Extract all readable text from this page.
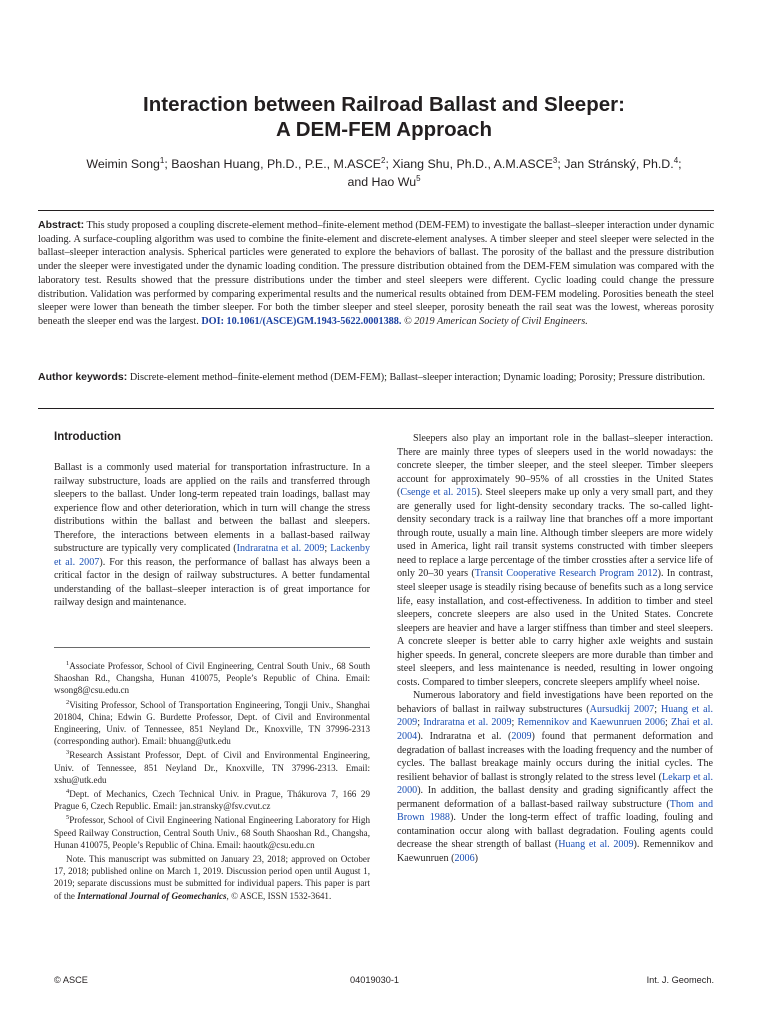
Interaction between Railroad Ballast and Sleeper:
A DEM-FEM Approach
Weimin Song$^1$; Baoshan Huang, Ph.D., P.E., M.ASCE$^2$; Xiang Shu, Ph.D., A.M.ASCE$^3$; Jan Stránský, Ph.D.$^4$;
and Hao Wu$^5$
Abstract: This study proposed a coupling discrete-element method–finite-element method (DEM-FEM) to investigate the ballast–sleeper interaction under dynamic loading. A surface-coupling algorithm was used to combine the finite-element and discrete-element analyses. A timber sleeper and steel sleeper were selected in the ballast–sleeper interaction analysis. Spherical particles were generated to explore the behaviors of ballast. The porosity of the ballast and the pressure distribution under the sleeper were investigated under the dynamic loading condition. The pressure distribution obtained from the DEM-FEM simulation was compared with the laboratory test. Results showed that the pressure distributions under the timber and steel sleepers were different. Cyclic loading could change the pressure distribution. Validation was performed by comparing experimental results and the numerical results obtained from DEM-FEM modeling. Porosities beneath the steel sleeper were lower than beneath the timber sleeper. For both the timber sleeper and steel sleeper, porosity beneath the rail seat was the lowest, whereas porosity beneath the sleeper end was the largest. DOI: 10.1061/(ASCE)GM.1943-5622.0001388. © 2019 American Society of Civil Engineers.
Author keywords: Discrete-element method–finite-element method (DEM-FEM); Ballast–sleeper interaction; Dynamic loading; Porosity; Pressure distribution.
Introduction

Ballast is a commonly used material for transportation infrastructure. In a railway substructure, loads are applied on the rails and transferred through sleepers to the ballast. Under long-term repeated train loadings, ballast may experience flow and other deterioration, which in turn will change the stress distributions within the ballast and between the ballast and sleepers. Therefore, the interactions between elements in a ballast-based railway substructure are typically very complicated (Indraratna et al. 2009; Lackenby et al. 2007). For this reason, the performance of ballast has always been a critical factor in the design of railway substructures. A better fundamental understanding of the ballast–sleeper interaction is of great importance for railway design and maintenance.

$^1$Associate Professor, School of Civil Engineering, Central South Univ., 68 South Shaoshan Rd., Changsha, Hunan 410075, People’s Republic of China. Email: wsong8@csu.edu.cn

$^2$Visiting Professor, School of Transportation Engineering, Tongji Univ., Shanghai 201804, China; Edwin G. Burdette Professor, Dept. of Civil and Environmental Engineering, Univ. of Tennessee, 851 Neyland Dr., Knoxville, TN 37996-2313 (corresponding author). Email: bhuang@utk.edu

$^3$Research Assistant Professor, Dept. of Civil and Environmental Engineering, Univ. of Tennessee, 851 Neyland Dr., Knoxville, TN 37996-2313. Email: xshu@utk.edu

$^4$Dept. of Mechanics, Czech Technical Univ. in Prague, Thákurova 7, 166 29 Prague 6, Czech Republic. Email: jan.stransky@fsv.cvut.cz

$^5$Professor, School of Civil Engineering National Engineering Laboratory for High Speed Railway Construction, Central South Univ., 68 South Shaoshan Rd., Changsha, Hunan 410075, People’s Republic of China. Email: haoutk@csu.edu.cn

Note. This manuscript was submitted on January 23, 2018; approved on October 17, 2018; published online on March 1, 2019. Discussion period open until August 1, 2019; separate discussions must be submitted for individual papers. This paper is part of the International Journal of Geomechanics, © ASCE, ISSN 1532-3641.

Sleepers also play an important role in the ballast–sleeper interaction. There are mainly three types of sleepers used in the world nowadays: the concrete sleeper, the timber sleeper, and the steel sleeper. Timber sleepers account for approximately 90–95% of all crossties in the United States (Csenge et al. 2015). Steel sleepers make up only a very small part, and they are generally used for light-density secondary tracks. The so-called light-density secondary track is a railway line that branches off a more important through route, usually a main line. Although timber sleepers are more widely used in America, light rail transit systems constructed with timber sleepers need to replace a large percentage of the timber crossties after a service life of only 20–30 years (Transit Cooperative Research Program 2012). In contrast, steel sleeper usage is steadily rising because of benefits such as a long service life, easy installation, and cost-effectiveness. In addition to timber and steel sleepers, concrete sleepers are also used in the United States. Concrete sleepers are heavier and have a larger stiffness than timber and steel sleepers. A concrete sleeper is better able to carry higher axle weights and sustain higher speeds. In general, concrete sleepers are more durable than timber and steel sleepers, and less maintenance is needed, resulting in lower ongoing costs. Compared to timber sleepers, concrete sleepers amplify wheel noise.

Numerous laboratory and field investigations have been reported on the behaviors of ballast in railway substructures (Aursudkij 2007; Huang et al. 2009; Indraratna et al. 2009; Remennikov and Kaewunruen 2006; Zhai et al. 2004). Indraratna et al. (2009) found that permanent deformation and degradation of ballast increases with the loading frequency and the number of cycles. The ballast breakage mainly occurs during the initial cycles. The resilient behavior of ballast is strongly related to the stress level (Lekarp et al. 2000). In addition, the ballast density and grading significantly affect the permanent deformation of a ballast-based railway substructure (Thom and Brown 1988). Under the long-term effect of traffic loading, fouling and contamination occur along with ballast degradation. Fouling agents could decrease the shear strength of ballast (Huang et al. 2009). Remennikov and Kaewunruen (2006)

© ASCE	04019030-1	Int. J. Geomech.
